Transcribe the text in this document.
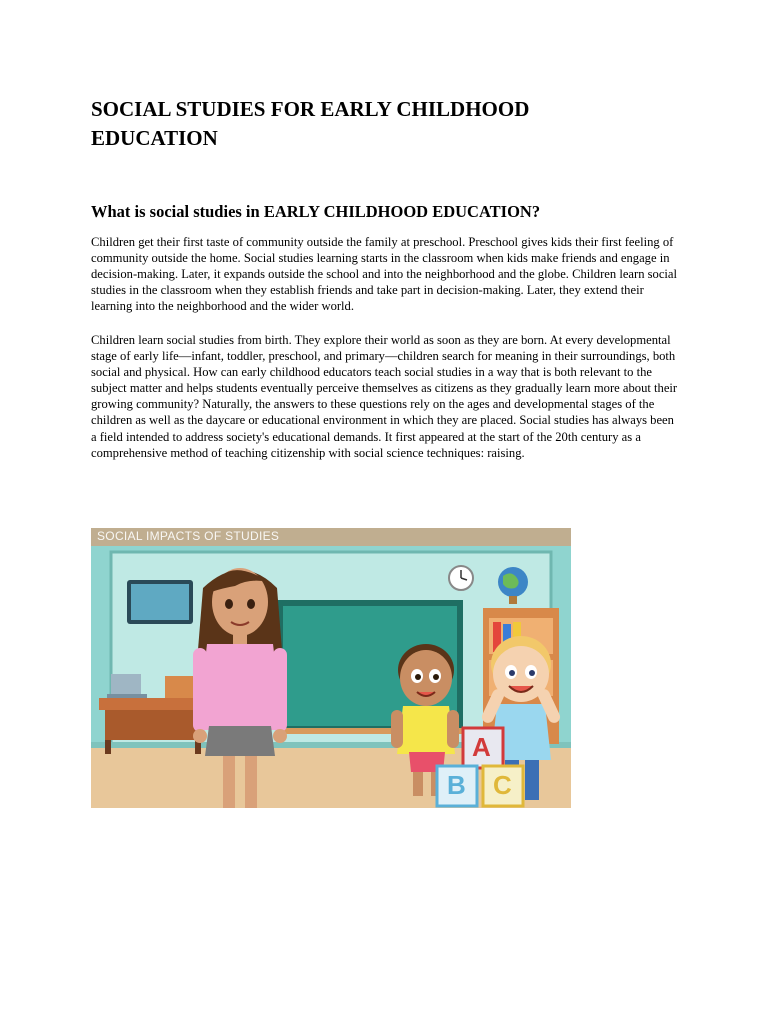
SOCIAL STUDIES FOR EARLY CHILDHOOD EDUCATION
What is social studies in EARLY CHILDHOOD EDUCATION?

Children get their first taste of community outside the family at preschool. Preschool gives kids their first feeling of community outside the home. Social studies learning starts in the classroom when kids make friends and engage in decision-making. Later, it expands outside the school and into the neighborhood and the globe. Children learn social studies in the classroom when they establish friends and take part in decision-making. Later, they extend their learning into the neighborhood and the wider world.

Children learn social studies from birth. They explore their world as soon as they are born. At every developmental stage of early life—infant, toddler, preschool, and primary—children search for meaning in their surroundings, both social and physical. How can early childhood educators teach social studies in a way that is both relevant to the subject matter and helps students eventually perceive themselves as citizens as they gradually learn more about their growing community? Naturally, the answers to these questions rely on the ages and developmental stages of the children as well as the daycare or educational environment in which they are placed. Social studies has always been a field intended to address society's educational demands. It first appeared at the start of the 20th century as a comprehensive method of teaching citizenship with social science techniques: raising.

SOCIAL IMPACTS OF STUDIES
A
B C
